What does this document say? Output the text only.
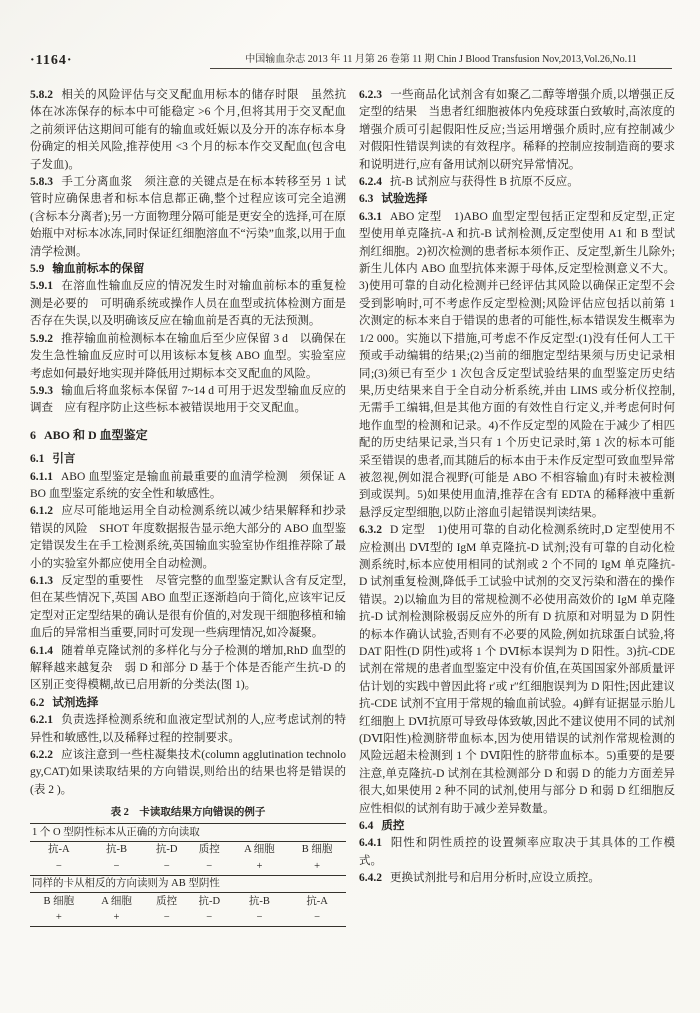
·1164·	中国输血杂志 2013 年 11 月第 26 卷第 11 期 Chin J Blood Transfusion Nov,2013,Vol.26,No.11

5.8.2 相关的风险评估与交叉配血用标本的储存时限　虽然抗体在冰冻保存的标本中可能稳定 >6 个月,但将其用于交叉配血之前须评估这期间可能有的输血或妊娠以及分开的冻存标本身份确定的相关风险,推荐使用 <3 个月的标本作交叉配血(包含电子发血)。

5.8.3 手工分离血浆　须注意的关键点是在标本转移至另 1 试管时应确保患者和标本信息都正确,整个过程应该可完全追溯(含标本分离者);另一方面物理分隔可能是更安全的选择,可在原始瓶中对标本冰冻,同时保证红细胞溶血不“污染”血浆,以用于血清学检测。

5.9 输血前标本的保留

5.9.1 在溶血性输血反应的情况发生时对输血前标本的重复检测是必要的　可明确系统或操作人员在血型或抗体检测方面是否存在失误,以及明确该反应在输血前是否真的无法预测。

5.9.2 推荐输血前检测标本在输血后至少应保留 3 d　以确保在发生急性输血反应时可以用该标本复核 ABO 血型。实验室应考虑如何最好地实现并降低用过期标本交叉配血的风险。

5.9.3 输血后将血浆标本保留 7~14 d 可用于迟发型输血反应的调查　应有程序防止这些标本被错误地用于交叉配血。

6 ABO 和 D 血型鉴定

6.1 引言

6.1.1 ABO 血型鉴定是输血前最重要的血清学检测　须保证 ABO 血型鉴定系统的安全性和敏感性。

6.1.2 应尽可能地运用全自动检测系统以减少结果解释和抄录错误的风险　SHOT 年度数据报告显示绝大部分的 ABO 血型鉴定错误发生在手工检测系统,英国输血实验室协作组推荐除了最小的实验室外都应使用全自动检测。

6.1.3 反定型的重要性　尽管完整的血型鉴定默认含有反定型,但在某些情况下,英国 ABO 血型正逐渐趋向于简化,应该牢记反定型对正定型结果的确认是很有价值的,对发现干细胞移植和输血后的异常相当重要,同时可发现一些病理情况,如冷凝聚。

6.1.4 随着单克隆试剂的多样化与分子检测的增加,RhD 血型的解释越来越复杂　弱 D 和部分 D 基于个体是否能产生抗-D 的区别正变得模糊,故已启用新的分类法(图 1)。

6.2 试剂选择

6.2.1 负责选择检测系统和血液定型试剂的人,应考虑试剂的特异性和敏感性,以及稀释过程的控制要求。

6.2.2 应该注意到一些柱凝集技术(column agglutination technology,CAT)如果读取结果的方向错误,则给出的结果也将是错误的(表 2 )。

表 2　卡读取结果方向错误的例子

1 个 O 型阴性标本从正确的方向读取					
抗-A	抗-B	抗-D	质控	A 细胞	B 细胞
−	−	−	−	+	+
同样的卡从相反的方向读则为 AB 型阴性					
B 细胞	A 细胞	质控	抗-D	抗-B	抗-A
+	+	−	−	−	−

6.2.3 一些商品化试剂含有如聚乙二醇等增强介质,以增强正反定型的结果　当患者红细胞被体内免疫球蛋白致敏时,高浓度的增强介质可引起假阳性反应;当运用增强介质时,应有控制减少对假阳性错误判读的有效程序。稀释的控制应按制造商的要求和说明进行,应有备用试剂以研究异常情况。

6.2.4 抗-B 试剂应与获得性 B 抗原不反应。

6.3 试验选择

6.3.1 ABO 定型　1)ABO 血型定型包括正定型和反定型,正定型使用单克隆抗-A 和抗-B 试剂检测,反定型使用 A1 和 B 型试剂红细胞。2)初次检测的患者标本须作正、反定型,新生儿除外;新生儿体内 ABO 血型抗体来源于母体,反定型检测意义不大。3)使用可靠的自动化检测并已经评估其风险以确保正定型不会受到影响时,可不考虑作反定型检测;风险评估应包括以前第 1 次测定的标本来自于错误的患者的可能性,标本错误发生概率为 1/2 000。实施以下措施,可考虑不作反定型:(1)没有任何人工干预或手动编辑的结果;(2)当前的细胞定型结果须与历史记录相同;(3)须已有至少 1 次包含反定型试验结果的血型鉴定历史结果,历史结果来自于全自动分析系统,并由 LIMS 或分析仪控制,无需手工编辑,但是其他方面的有效性自行定义,并考虑何时何地作血型的检测和记录。4)不作反定型的风险在于减少了相匹配的历史结果记录,当只有 1 个历史记录时,第 1 次的标本可能采至错误的患者,而其随后的标本由于未作反定型可致血型异常被忽视,例如混合视野(可能是 ABO 不相容输血)有时未被检测到或误判。5)如果使用血清,推荐在含有 EDTA 的稀释液中重新悬浮反定型细胞,以防止溶血引起错误判读结果。

6.3.2 D 定型　1)使用可靠的自动化检测系统时,D 定型使用不应检测出 DⅥ型的 IgM 单克隆抗-D 试剂;没有可靠的自动化检测系统时,标本应使用相同的试剂或 2 个不同的 IgM 单克隆抗-D 试剂重复检测,降低手工试验中试剂的交叉污染和潜在的操作错误。2)以输血为目的常规检测不必使用高效价的 IgM 单克隆抗-D 试剂检测除极弱反应外的所有 D 抗原和对明显为 D 阴性的标本作确认试验,否则有不必要的风险,例如抗球蛋白试验,将 DAT 阳性(D 阴性)或将 1 个 DⅥ标本误判为 D 阳性。3)抗-CDE 试剂在常规的患者血型鉴定中没有价值,在英国国家外部质量评估计划的实践中曾因此将 r′或 r″红细胞误判为 D 阳性;因此建议抗-CDE 试剂不宜用于常规的输血前试验。4)鲜有证据显示胎儿红细胞上 DⅥ抗原可导致母体致敏,因此不建议使用不同的试剂(DⅥ阳性)检测脐带血标本,因为使用错误的试剂作常规检测的风险远超未检测到 1 个 DⅥ阳性的脐带血标本。5)重要的是要注意,单克隆抗-D 试剂在其检测部分 D 和弱 D 的能力方面差异很大,如果使用 2 种不同的试剂,使用与部分 D 和弱 D 红细胞反应性相似的试剂有助于减少差异数量。

6.4 质控

6.4.1 阳性和阴性质控的设置频率应取决于其具体的工作模式。

6.4.2 更换试剂批号和启用分析时,应设立质控。
